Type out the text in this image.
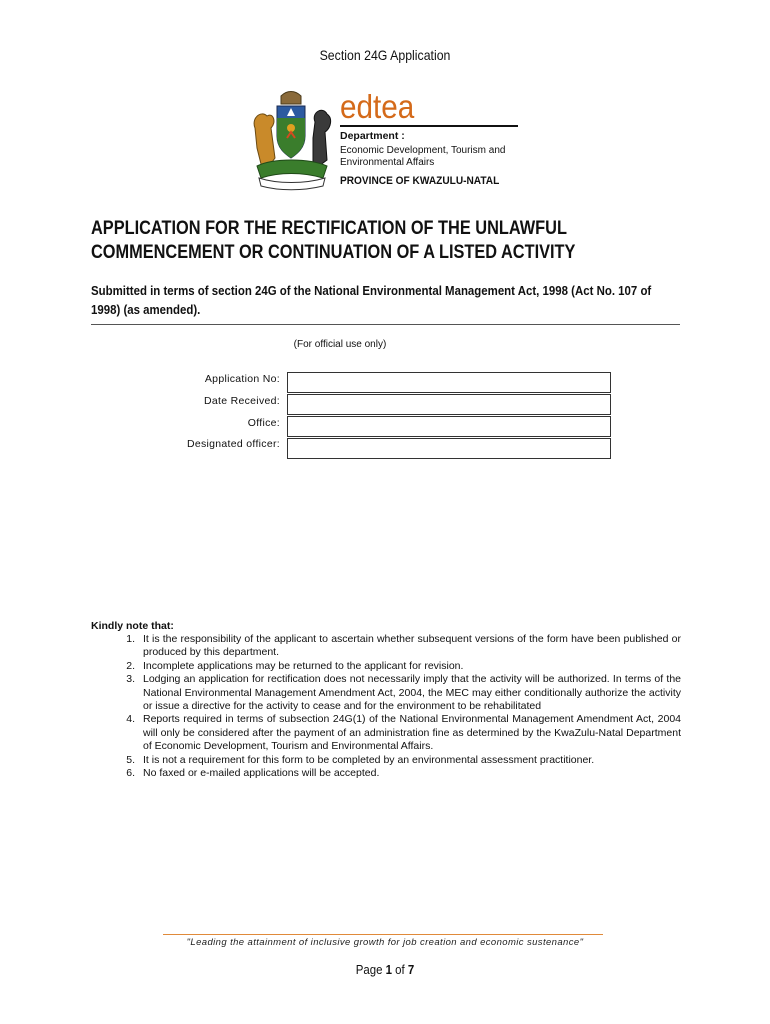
Section 24G Application
edtea
Department :
Economic Development, Tourism and Environmental Affairs
PROVINCE OF KWAZULU-NATAL
APPLICATION FOR THE RECTIFICATION OF THE UNLAWFUL
COMMENCEMENT OR CONTINUATION OF A LISTED ACTIVITY
Submitted in terms of section 24G of the National Environmental Management Act, 1998 (Act No. 107 of 1998) (as amended).
(For official use only)
Application No:
Date Received:
Office:
Designated officer:
Kindly note that:
1. It is the responsibility of the applicant to ascertain whether subsequent versions of the form have been published or produced by this department.
2. Incomplete applications may be returned to the applicant for revision.
3. Lodging an application for rectification does not necessarily imply that the activity will be authorized. In terms of the National Environmental Management Amendment Act, 2004, the MEC may either conditionally authorize the activity or issue a directive for the activity to cease and for the environment to be rehabilitated
4. Reports required in terms of subsection 24G(1) of the National Environmental Management Amendment Act, 2004 will only be considered after the payment of an administration fine as determined by the KwaZulu-Natal Department of Economic Development, Tourism and Environmental Affairs.
5. It is not a requirement for this form to be completed by an environmental assessment practitioner.
6. No faxed or e-mailed applications will be accepted.
"Leading the attainment of inclusive growth for job creation and economic sustenance"
Page 1 of 7
